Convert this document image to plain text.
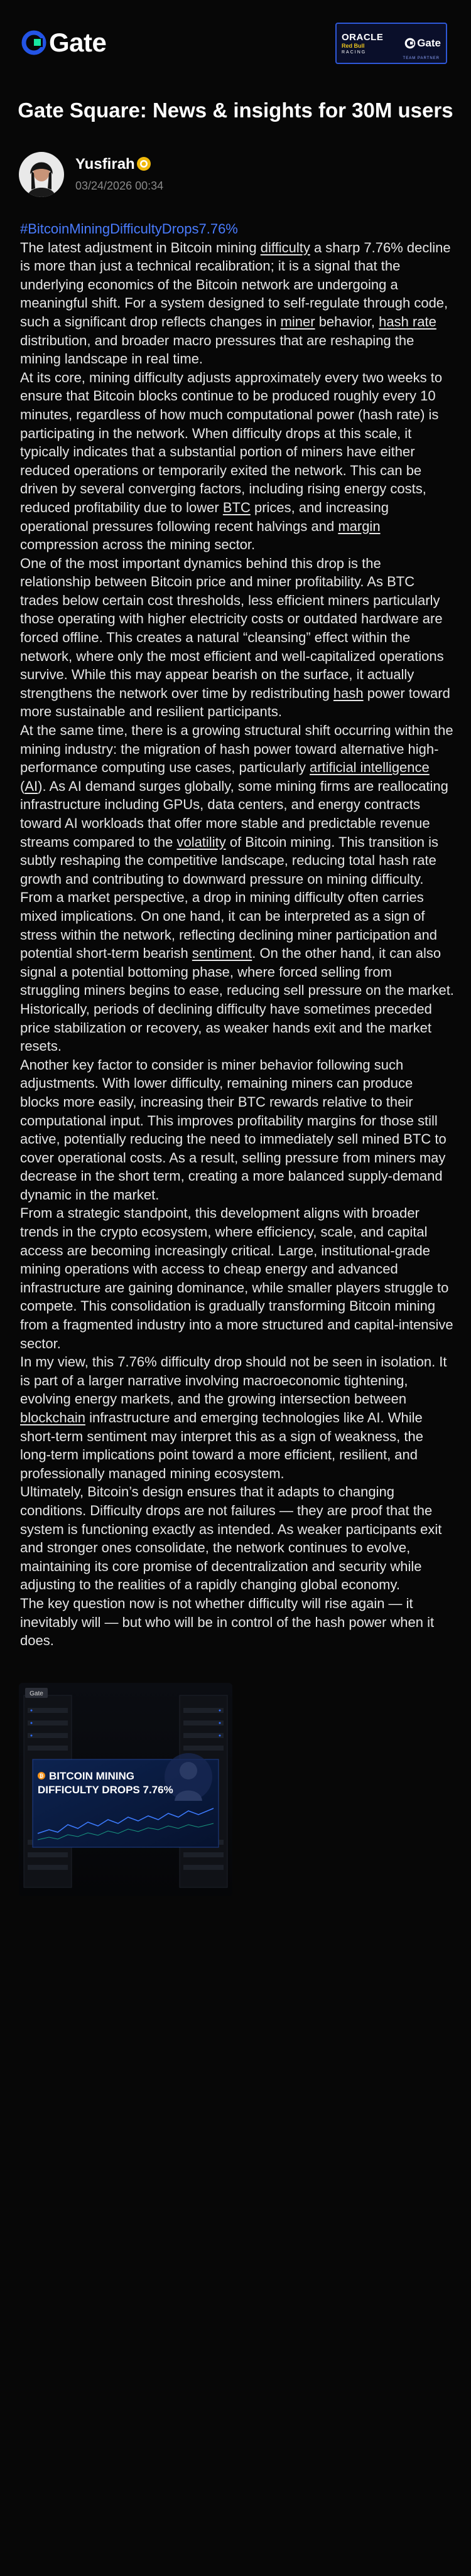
Gate	ORACLE
Red Bull
RACING
Gate
TEAM PARTNER
Gate Square: News & insights for 30M users
Yusfirah
03/24/2026 00:34
#BitcoinMiningDifficultyDrops7.76%

The latest adjustment in Bitcoin mining difficulty a sharp 7.76% decline is more than just a technical recalibration; it is a signal that the underlying economics of the Bitcoin network are undergoing a meaningful shift. For a system designed to self-regulate through code, such a significant drop reflects changes in miner behavior, hash rate distribution, and broader macro pressures that are reshaping the mining landscape in real time.

At its core, mining difficulty adjusts approximately every two weeks to ensure that Bitcoin blocks continue to be produced roughly every 10 minutes, regardless of how much computational power (hash rate) is participating in the network. When difficulty drops at this scale, it typically indicates that a substantial portion of miners have either reduced operations or temporarily exited the network. This can be driven by several converging factors, including rising energy costs, reduced profitability due to lower BTC prices, and increasing operational pressures following recent halvings and margin compression across the mining sector.

One of the most important dynamics behind this drop is the relationship between Bitcoin price and miner profitability. As BTC trades below certain cost thresholds, less efficient miners particularly those operating with higher electricity costs or outdated hardware are forced offline. This creates a natural “cleansing” effect within the network, where only the most efficient and well-capitalized operations survive. While this may appear bearish on the surface, it actually strengthens the network over time by redistributing hash power toward more sustainable and resilient participants.

At the same time, there is a growing structural shift occurring within the mining industry: the migration of hash power toward alternative high-performance computing use cases, particularly artificial intelligence (AI). As AI demand surges globally, some mining firms are reallocating infrastructure including GPUs, data centers, and energy contracts toward AI workloads that offer more stable and predictable revenue streams compared to the volatility of Bitcoin mining. This transition is subtly reshaping the competitive landscape, reducing total hash rate growth and contributing to downward pressure on mining difficulty.

From a market perspective, a drop in mining difficulty often carries mixed implications. On one hand, it can be interpreted as a sign of stress within the network, reflecting declining miner participation and potential short-term bearish sentiment. On the other hand, it can also signal a potential bottoming phase, where forced selling from struggling miners begins to ease, reducing sell pressure on the market. Historically, periods of declining difficulty have sometimes preceded price stabilization or recovery, as weaker hands exit and the market resets.

Another key factor to consider is miner behavior following such adjustments. With lower difficulty, remaining miners can produce blocks more easily, increasing their BTC rewards relative to their computational input. This improves profitability margins for those still active, potentially reducing the need to immediately sell mined BTC to cover operational costs. As a result, selling pressure from miners may decrease in the short term, creating a more balanced supply-demand dynamic in the market.

From a strategic standpoint, this development aligns with broader trends in the crypto ecosystem, where efficiency, scale, and capital access are becoming increasingly critical. Large, institutional-grade mining operations with access to cheap energy and advanced infrastructure are gaining dominance, while smaller players struggle to compete. This consolidation is gradually transforming Bitcoin mining from a fragmented industry into a more structured and capital-intensive sector.

In my view, this 7.76% difficulty drop should not be seen in isolation. It is part of a larger narrative involving macroeconomic tightening, evolving energy markets, and the growing intersection between blockchain infrastructure and emerging technologies like AI. While short-term sentiment may interpret this as a sign of weakness, the long-term implications point toward a more efficient, resilient, and professionally managed mining ecosystem.

Ultimately, Bitcoin’s design ensures that it adapts to changing conditions. Difficulty drops are not failures — they are proof that the system is functioning exactly as intended. As weaker participants exit and stronger ones consolidate, the network continues to evolve, maintaining its core promise of decentralization and security while adjusting to the realities of a rapidly changing global economy.

The key question now is not whether difficulty will rise again — it inevitably will — but who will be in control of the hash power when it does.

Gate
₿ BITCOIN MINING
DIFFICULTY DROPS 7.76%
